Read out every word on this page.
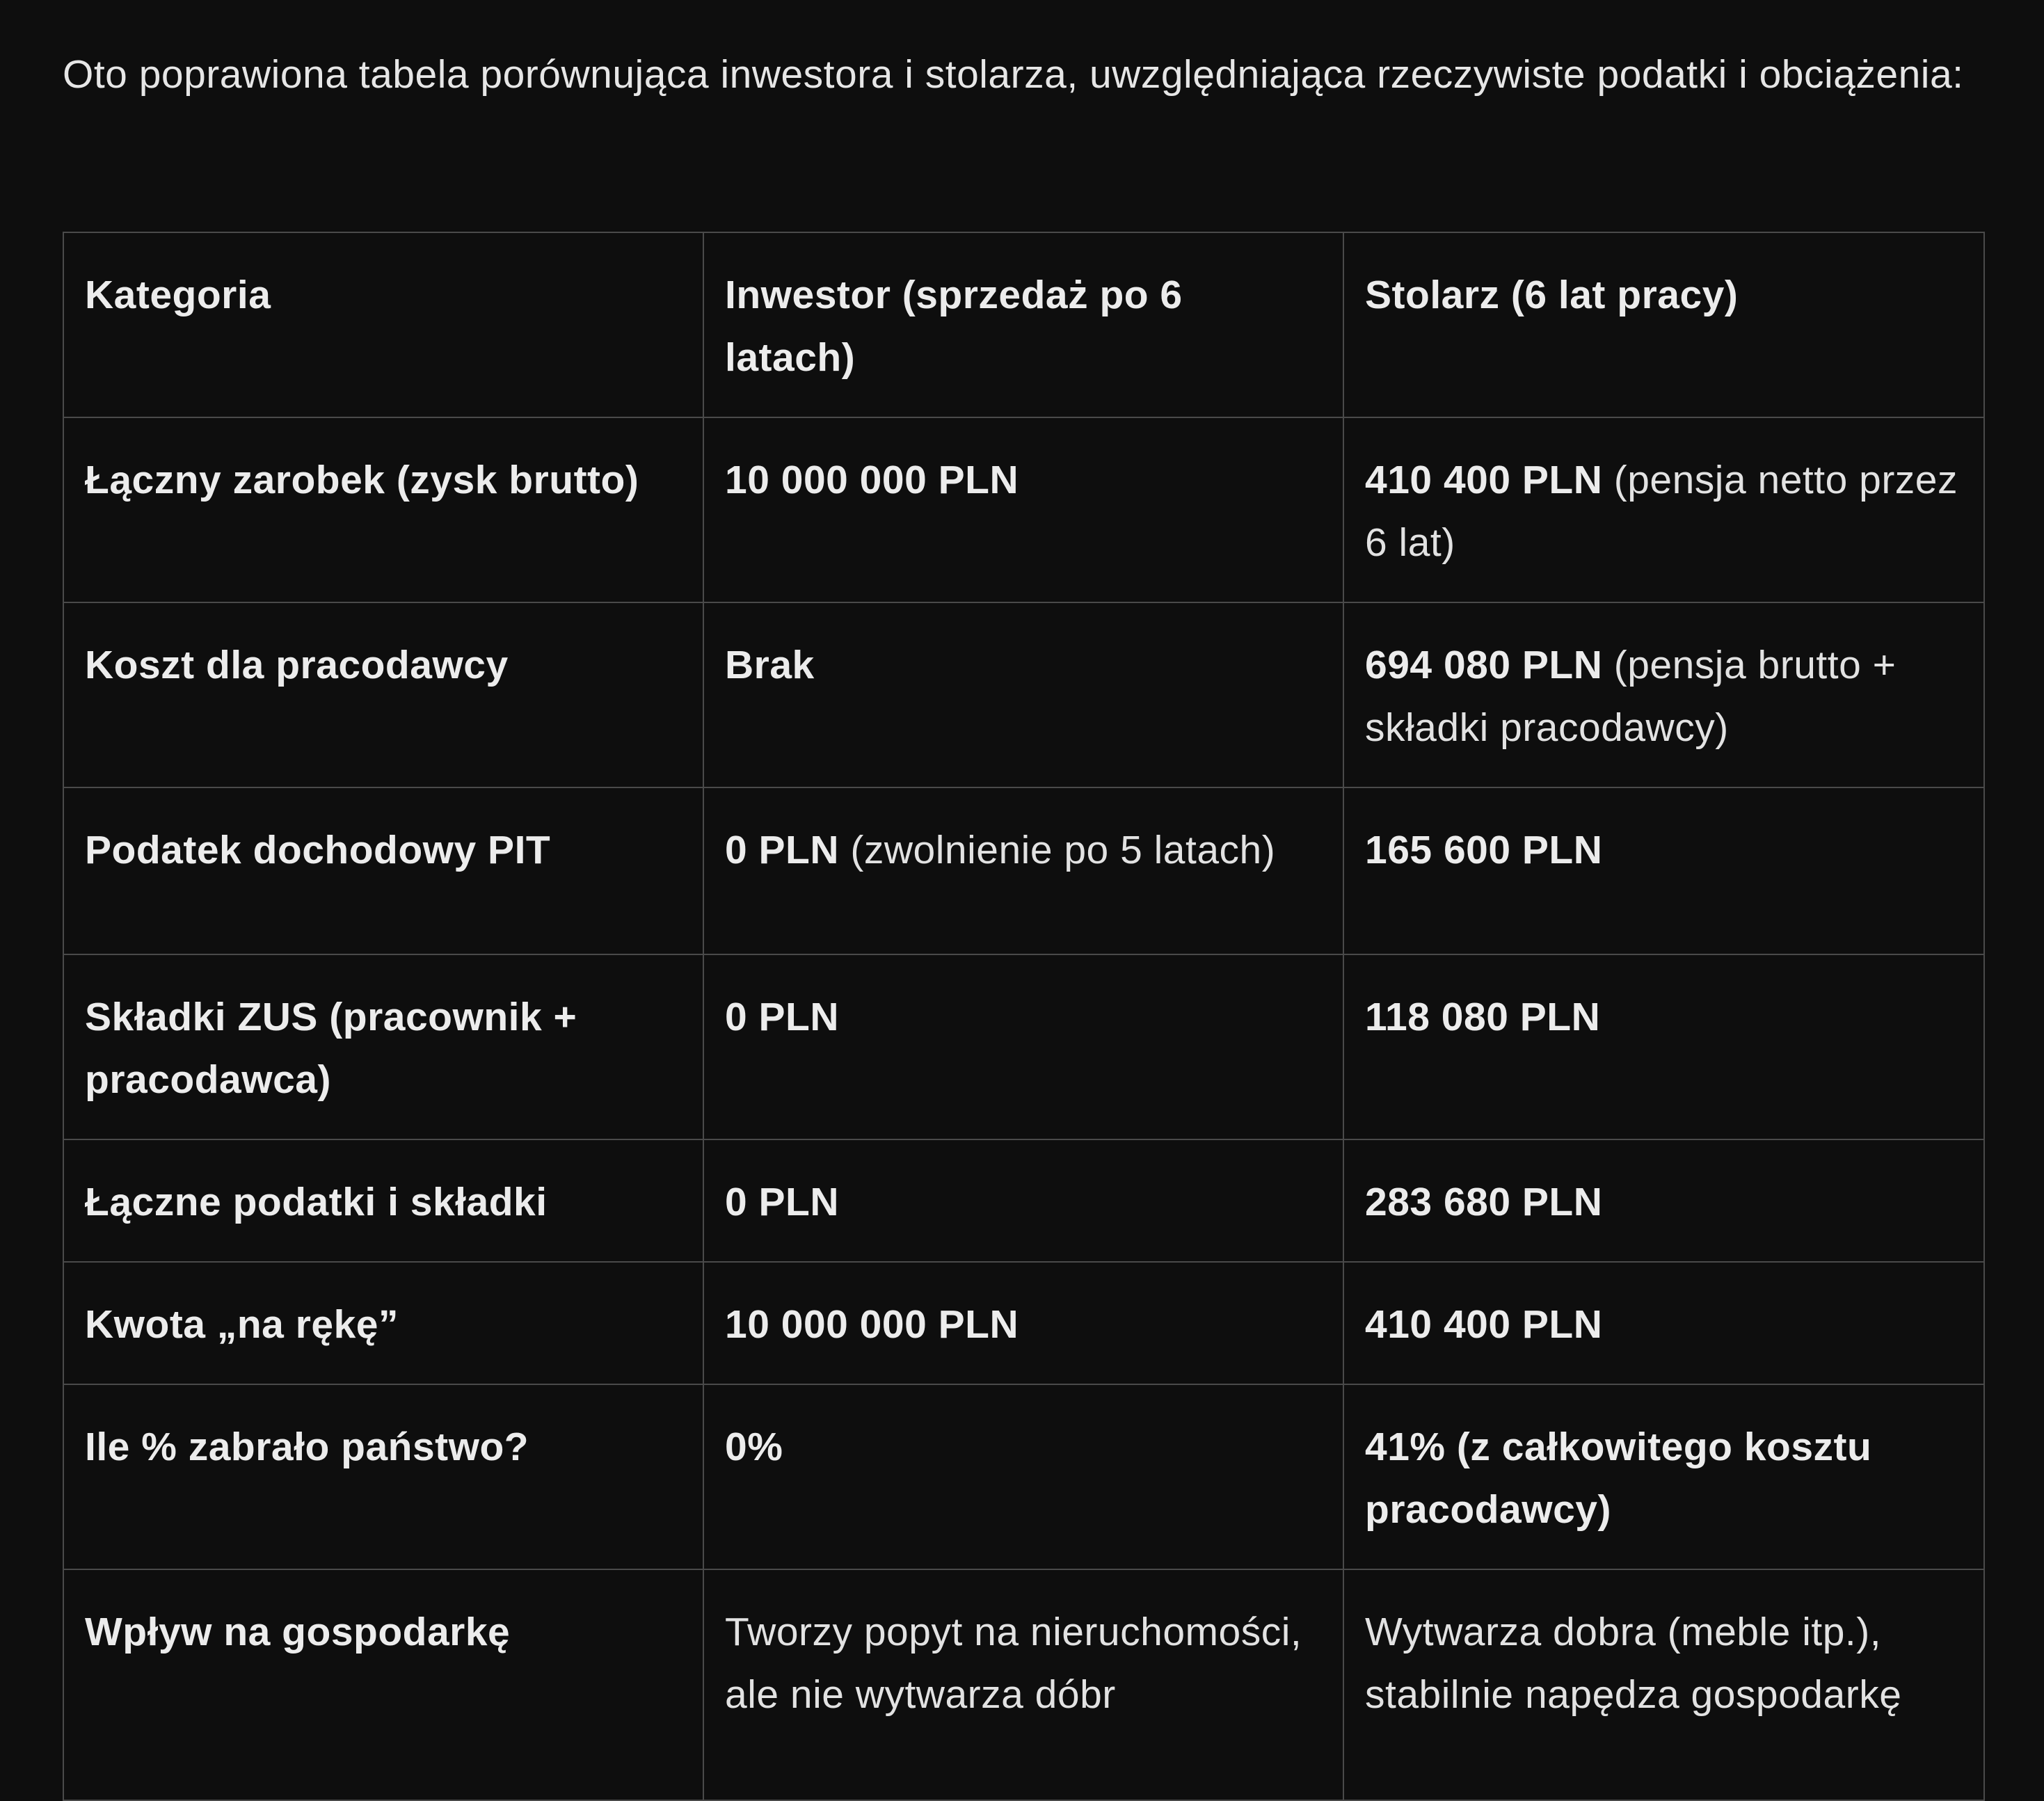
Oto poprawiona tabela porównująca inwestora i stolarza, uwzględniająca rzeczywiste podatki i obciążenia:

Kategoria	Inwestor (sprzedaż po 6 latach)	Stolarz (6 lat pracy)
Łączny zarobek (zysk brutto)	10 000 000 PLN	410 400 PLN (pensja netto przez 6 lat)
Koszt dla pracodawcy	Brak	694 080 PLN (pensja brutto + składki pracodawcy)
Podatek dochodowy PIT	0 PLN (zwolnienie po 5 latach)	165 600 PLN
Składki ZUS (pracownik + pracodawca)	0 PLN	118 080 PLN
Łączne podatki i składki	0 PLN	283 680 PLN
Kwota „na rękę”	10 000 000 PLN	410 400 PLN
Ile % zabrało państwo?	0%	41% (z całkowitego kosztu pracodawcy)
Wpływ na gospodarkę	Tworzy popyt na nieruchomości, ale nie wytwarza dóbr	Wytwarza dobra (meble itp.), stabilnie napędza gospodarkę
